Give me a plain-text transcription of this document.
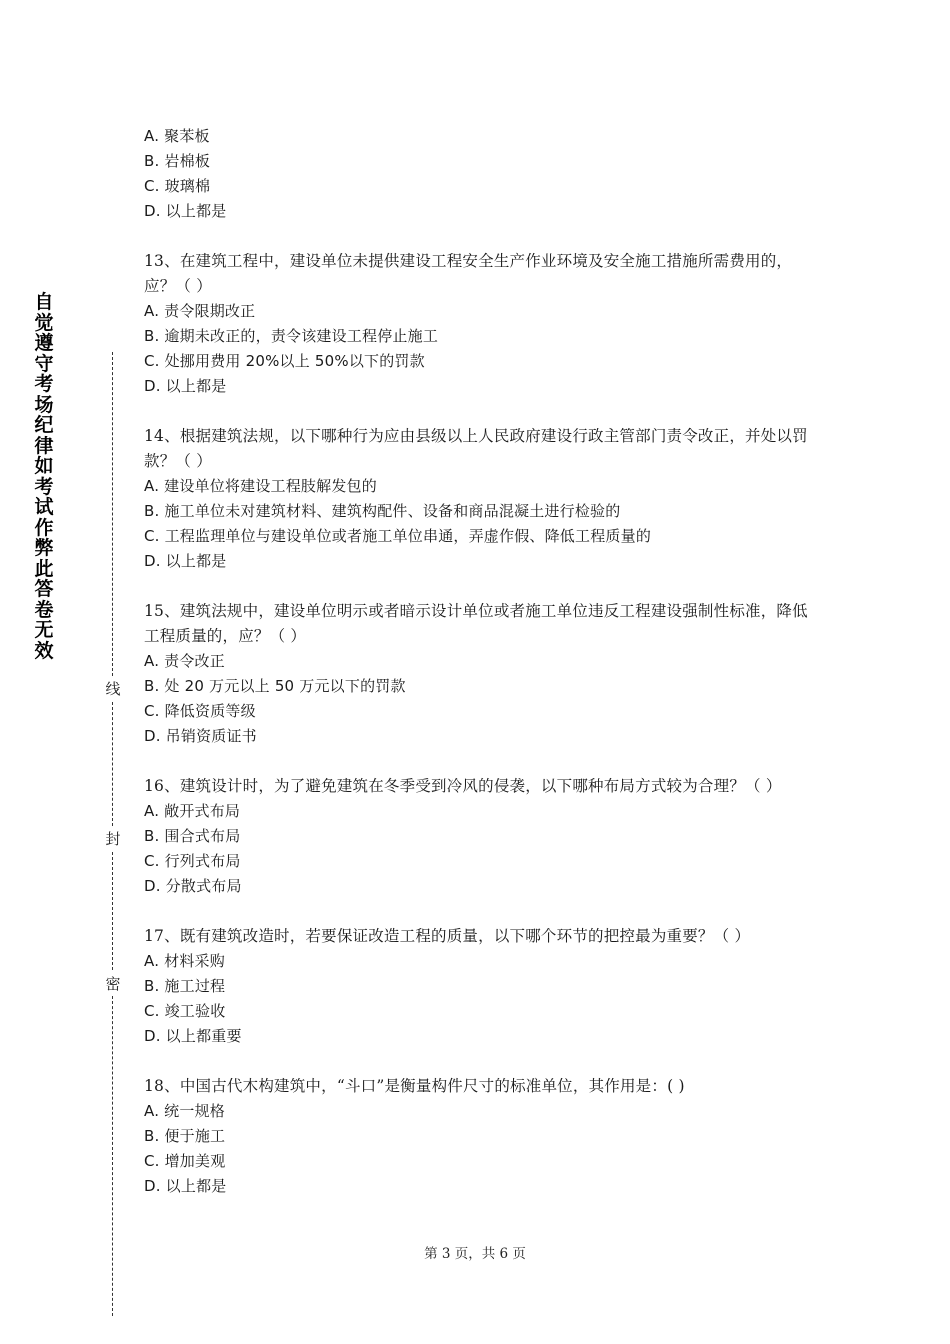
自觉遵守考场纪律如考试作弊此答卷无效
线
封
密

A. 聚苯板

B. 岩棉板

C. 玻璃棉

D. 以上都是

13、在建筑工程中，建设单位未提供建设工程安全生产作业环境及安全施工措施所需费用的，应？（ ）

A. 责令限期改正

B. 逾期未改正的，责令该建设工程停止施工

C. 处挪用费用 20%以上 50%以下的罚款

D. 以上都是

14、根据建筑法规，以下哪种行为应由县级以上人民政府建设行政主管部门责令改正，并处以罚款？（ ）

A. 建设单位将建设工程肢解发包的

B. 施工单位未对建筑材料、建筑构配件、设备和商品混凝土进行检验的

C. 工程监理单位与建设单位或者施工单位串通，弄虚作假、降低工程质量的

D. 以上都是

15、建筑法规中，建设单位明示或者暗示设计单位或者施工单位违反工程建设强制性标准，降低工程质量的，应？（ ）

A. 责令改正

B. 处 20 万元以上 50 万元以下的罚款

C. 降低资质等级

D. 吊销资质证书

16、建筑设计时，为了避免建筑在冬季受到冷风的侵袭，以下哪种布局方式较为合理？（ ）

A. 敞开式布局

B. 围合式布局

C. 行列式布局

D. 分散式布局

17、既有建筑改造时，若要保证改造工程的质量，以下哪个环节的把控最为重要？（ ）

A. 材料采购

B. 施工过程

C. 竣工验收

D. 以上都重要

18、中国古代木构建筑中，“斗口”是衡量构件尺寸的标准单位，其作用是：( )

A. 统一规格

B. 便于施工

C. 增加美观

D. 以上都是

第 3 页，共 6 页
